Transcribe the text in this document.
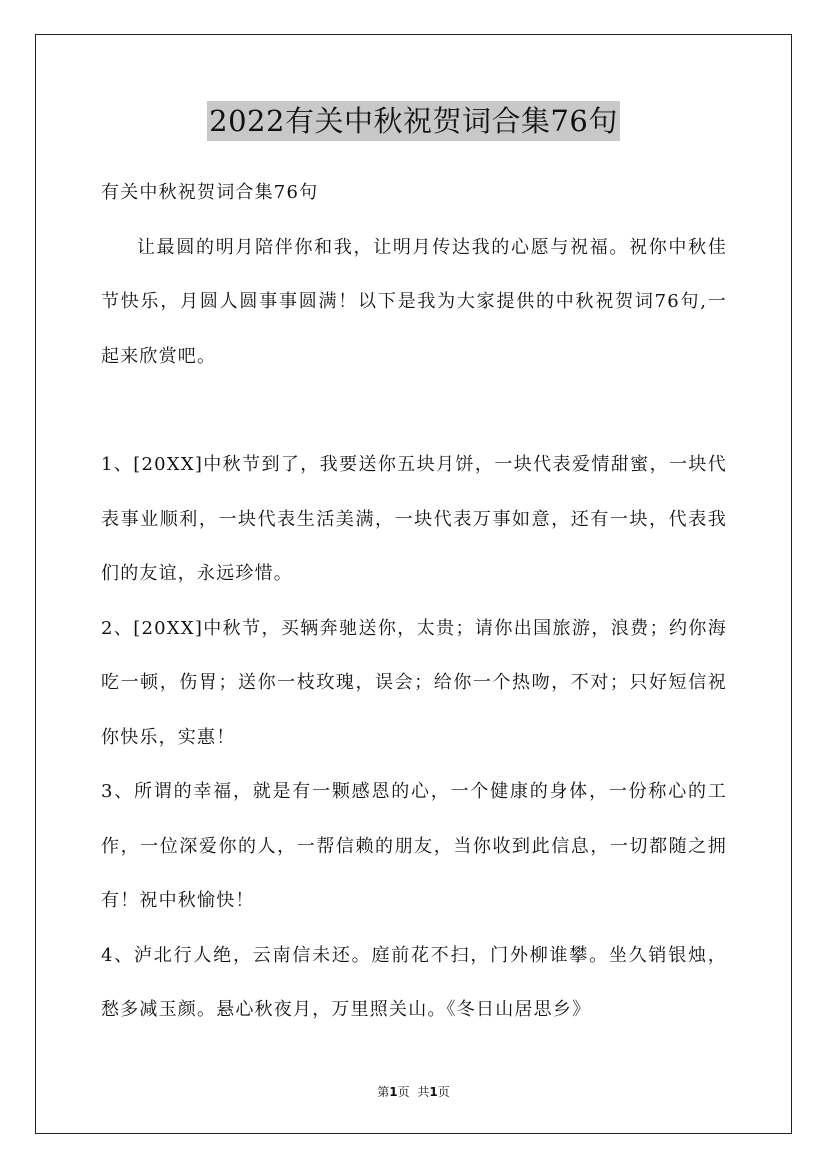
2022有关中秋祝贺词合集76句

有关中秋祝贺词合集76句

让最圆的明月陪伴你和我，让明月传达我的心愿与祝福。祝你中秋佳节快乐，月圆人圆事事圆满！以下是我为大家提供的中秋祝贺词76句,一起来欣赏吧。

1、[20XX]中秋节到了，我要送你五块月饼，一块代表爱情甜蜜，一块代表事业顺利，一块代表生活美满，一块代表万事如意，还有一块，代表我们的友谊，永远珍惜。

2、[20XX]中秋节，买辆奔驰送你，太贵；请你出国旅游，浪费；约你海吃一顿，伤胃；送你一枝玫瑰，误会；给你一个热吻，不对；只好短信祝你快乐，实惠！

3、所谓的幸福，就是有一颗感恩的心，一个健康的身体，一份称心的工作，一位深爱你的人，一帮信赖的朋友，当你收到此信息，一切都随之拥有！祝中秋愉快！

4、泸北行人绝，云南信未还。庭前花不扫，门外柳谁攀。坐久销银烛，愁多减玉颜。悬心秋夜月，万里照关山。《冬日山居思乡》

第1页 共1页
